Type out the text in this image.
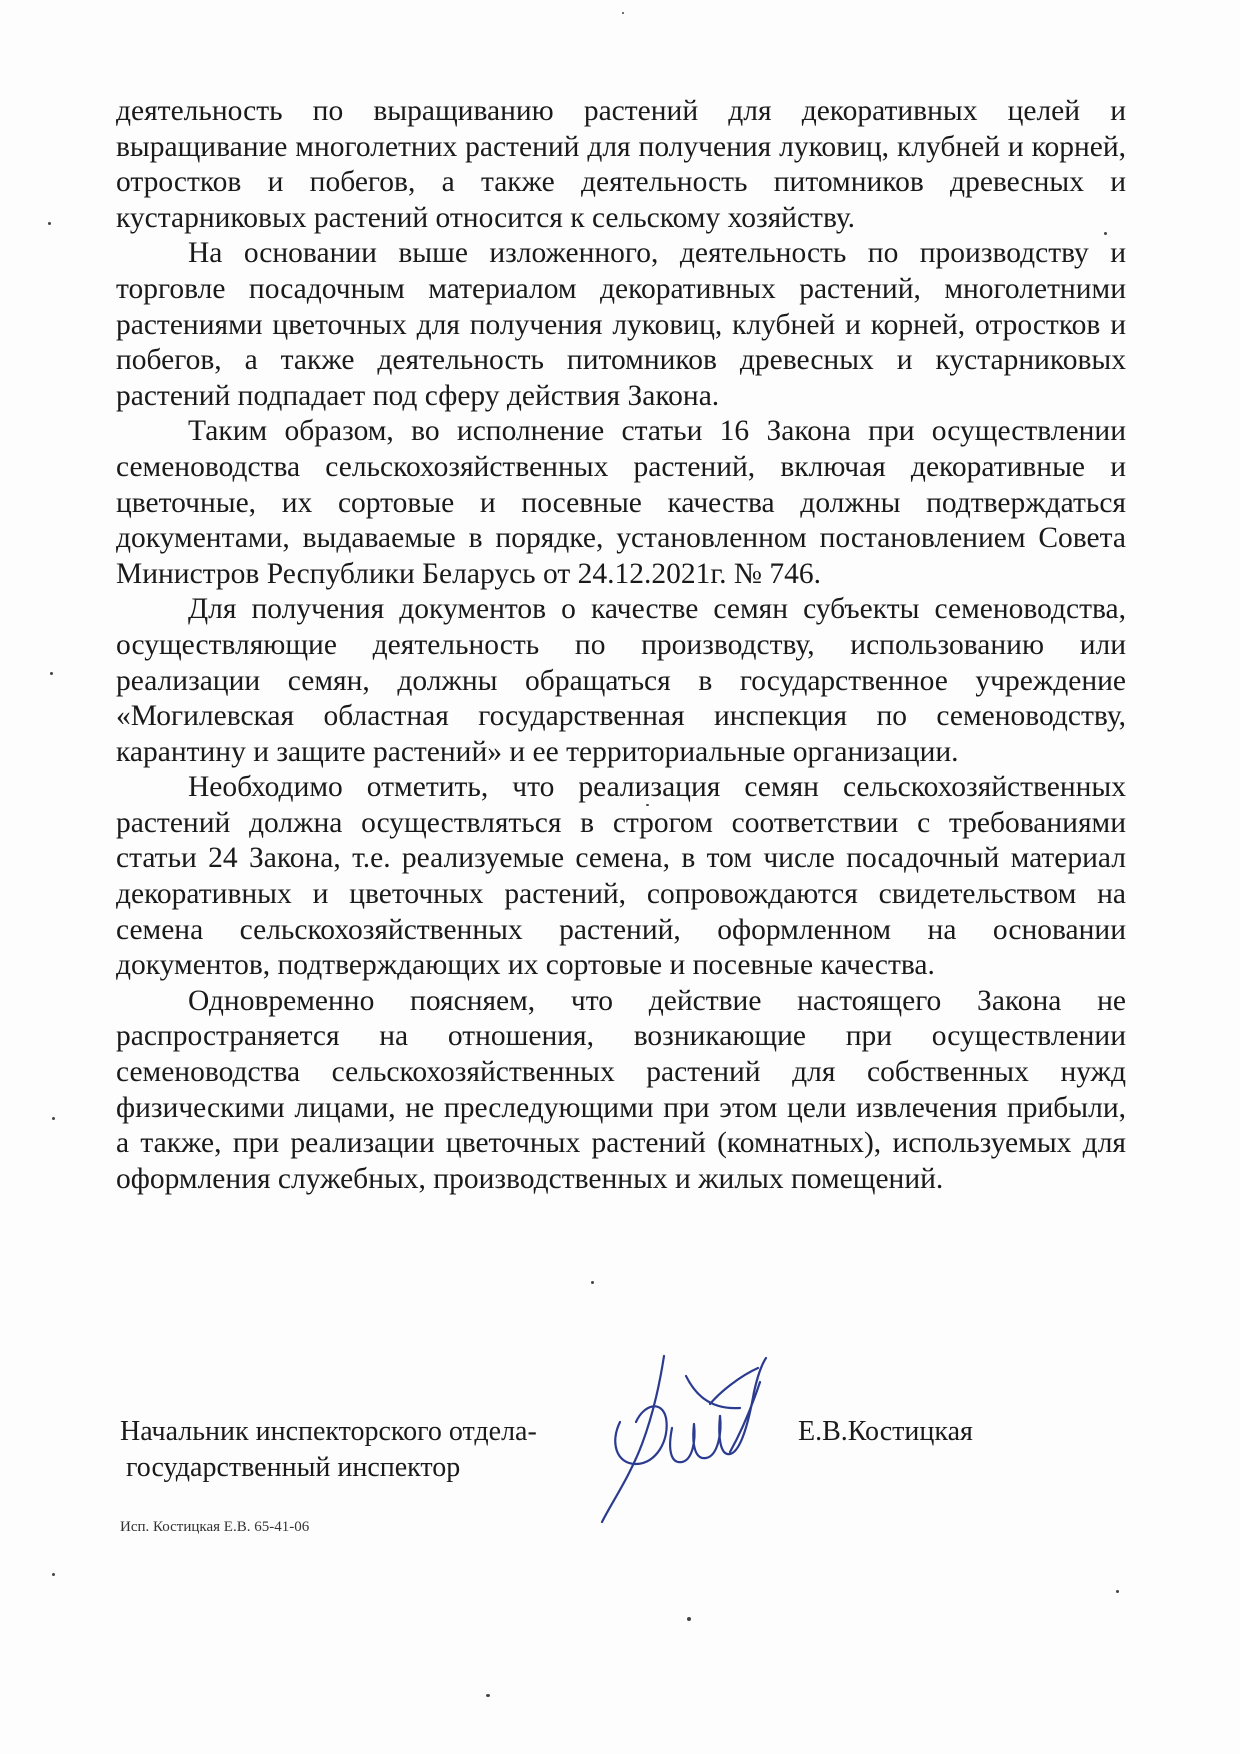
деятельность по выращиванию растений для декоративных целей и выращивание многолетних растений для получения луковиц, клубней и корней, отростков и побегов, а также деятельность питомников древесных и кустарниковых растений относится к сельскому хозяйству.

На основании выше изложенного, деятельность по производству и торговле посадочным материалом декоративных растений, многолетними растениями цветочных для получения луковиц, клубней и корней, отростков и побегов, а также деятельность питомников древесных и кустарниковых растений подпадает под сферу действия Закона.

Таким образом, во исполнение статьи 16 Закона при осуществлении семеноводства сельскохозяйственных растений, включая декоративные и цветочные, их сортовые и посевные качества должны подтверждаться документами, выдаваемые в порядке, установленном постановлением Совета Министров Республики Беларусь от 24.12.2021г. № 746.

Для получения документов о качестве семян субъекты семеноводства, осуществляющие деятельность по производству, использованию или реализации семян, должны обращаться в государственное учреждение «Могилевская областная государственная инспекция по семеноводству, карантину и защите растений» и ее территориальные организации.

Необходимо отметить, что реализация семян сельскохозяйственных растений должна осуществляться в строгом соответствии с требованиями статьи 24 Закона, т.е. реализуемые семена, в том числе посадочный материал декоративных и цветочных растений, сопровождаются свидетельством на семена сельскохозяйственных растений, оформленном на основании документов, подтверждающих их сортовые и посевные качества.

Одновременно поясняем, что действие настоящего Закона не распространяется на отношения, возникающие при осуществлении семеноводства сельскохозяйственных растений для собственных нужд физическими лицами, не преследующими при этом цели извлечения прибыли, а также, при реализации цветочных растений (комнатных), используемых для оформления служебных, производственных и жилых помещений.

Начальник инспекторского отдела-
государственный инспектор
Е.В.Костицкая
Исп. Костицкая Е.В. 65-41-06
